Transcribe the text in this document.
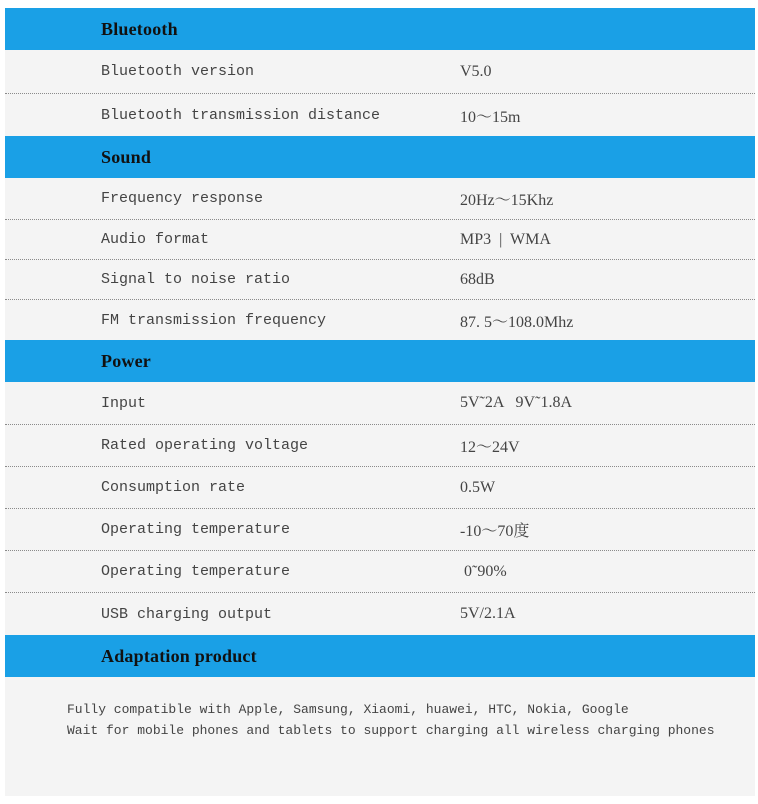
Bluetooth
Bluetooth version	V5.0
Bluetooth transmission distance	10～15m
Sound
Frequency response	20Hz～15Khz
Audio format	MP3  |  WMA
Signal to noise ratio	68dB
FM transmission frequency	87. 5～108.0Mhz
Power
Input	5V˜2A   9V˜1.8A
Rated operating voltage	12～24V
Consumption rate	0.5W
Operating temperature	-10～70度
Operating temperature	0˜90%
USB charging output	5V/2.1A
Adaptation product
Fully compatible with Apple, Samsung, Xiaomi, huawei, HTC, Nokia, Google
Wait for mobile phones and tablets to support charging all wireless charging phones
